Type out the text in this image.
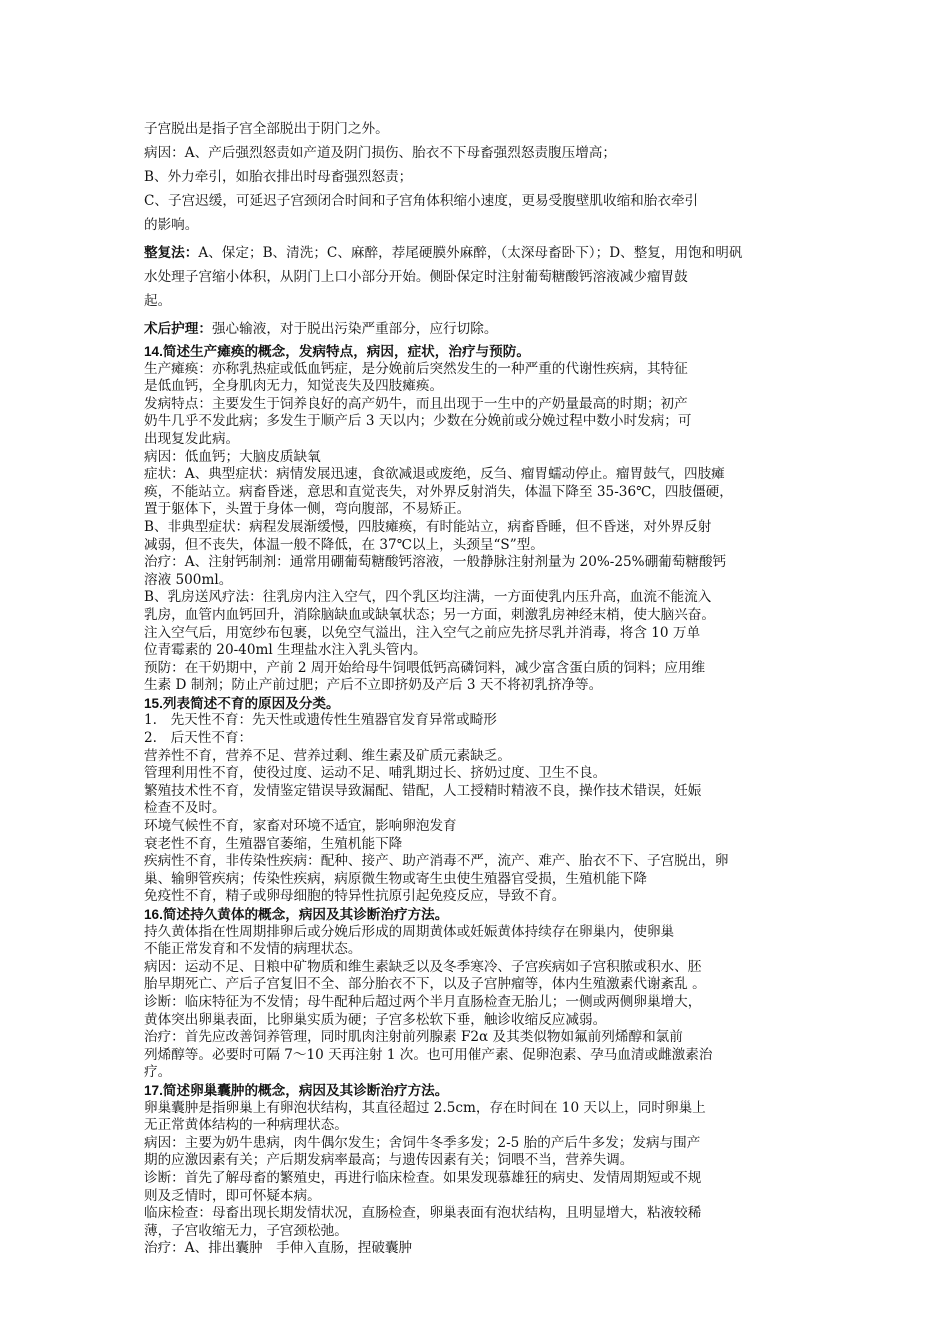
子宫脱出是指子宫全部脱出于阴门之外。

病因：A、产后强烈怒责如产道及阴门损伤、胎衣不下母畜强烈怒责腹压增高；

B、外力牵引，如胎衣排出时母畜强烈怒责；

C、子宫迟缓，可延迟子宫颈闭合时间和子宫角体积缩小速度，更易受腹壁肌收缩和胎衣牵引

的影响。

整复法：A、保定；B、清洗；C、麻醉，荐尾硬膜外麻醉，（太深母畜卧下）；D、整复，用饱和明矾

水处理子宫缩小体积，从阴门上口小部分开始。侧卧保定时注射葡萄糖酸钙溶液减少瘤胃鼓

起。

术后护理：强心输液，对于脱出污染严重部分，应行切除。

14.简述生产瘫痪的概念，发病特点，病因，症状，治疗与预防。

生产瘫痪：亦称乳热症或低血钙症，是分娩前后突然发生的一种严重的代谢性疾病，其特征

是低血钙，全身肌肉无力，知觉丧失及四肢瘫痪。

发病特点：主要发生于饲养良好的高产奶牛，而且出现于一生中的产奶量最高的时期；初产

奶牛几乎不发此病；多发生于顺产后 3 天以内；少数在分娩前或分娩过程中数小时发病；可

出现复发此病。

病因：低血钙；大脑皮质缺氧

症状：A、典型症状：病情发展迅速，食欲减退或废绝，反刍、瘤胃蠕动停止。瘤胃鼓气，四肢瘫

痪，不能站立。病畜昏迷，意思和直觉丧失，对外界反射消失，体温下降至 35-36℃，四肢僵硬，

置于躯体下，头置于身体一侧，弯向腹部，不易矫正。

B、非典型症状：病程发展渐缓慢，四肢瘫痪，有时能站立，病畜昏睡，但不昏迷，对外界反射

减弱，但不丧失，体温一般不降低，在 37℃以上，头颈呈“S”型。

治疗：A、注射钙制剂：通常用硼葡萄糖酸钙溶液，一般静脉注射剂量为 20%-25%硼葡萄糖酸钙

溶液 500ml。

B、乳房送风疗法：往乳房内注入空气，四个乳区均注满，一方面使乳内压升高，血流不能流入

乳房，血管内血钙回升，消除脑缺血或缺氧状态；另一方面，刺激乳房神经末梢，使大脑兴奋。

注入空气后，用宽纱布包裹，以免空气溢出，注入空气之前应先挤尽乳并消毒，将含 10 万单

位青霉素的 20-40ml 生理盐水注入乳头管内。

预防：在干奶期中，产前 2 周开始给母牛饲喂低钙高磷饲料，减少富含蛋白质的饲料；应用维

生素 D 制剂；防止产前过肥；产后不立即挤奶及产后 3 天不将初乳挤净等。

15.列表简述不育的原因及分类。

1.　先天性不育：先天性或遗传性生殖器官发育异常或畸形

2.　后天性不育：

营养性不育，营养不足、营养过剩、维生素及矿质元素缺乏。

管理利用性不育，使役过度、运动不足、哺乳期过长、挤奶过度、卫生不良。

繁殖技术性不育，发情鉴定错误导致漏配、错配，人工授精时精液不良，操作技术错误，妊娠

检查不及时。

环境气候性不育，家畜对环境不适宜，影响卵泡发育

衰老性不育，生殖器官萎缩，生殖机能下降

疾病性不育，非传染性疾病：配种、接产、助产消毒不严，流产、难产、胎衣不下、子宫脱出，卵

巢、输卵管疾病；传染性疾病，病原微生物或寄生虫使生殖器官受损，生殖机能下降

免疫性不育，精子或卵母细胞的特异性抗原引起免疫反应，导致不育。

16.简述持久黄体的概念，病因及其诊断治疗方法。

持久黄体指在性周期排卵后或分娩后形成的周期黄体或妊娠黄体持续存在卵巢内，使卵巢

不能正常发育和不发情的病理状态。

病因：运动不足、日粮中矿物质和维生素缺乏以及冬季寒冷、子宫疾病如子宫积脓或积水、胚

胎早期死亡、产后子宫复旧不全、部分胎衣不下，以及子宫肿瘤等，体内生殖激素代谢紊乱 。

诊断：临床特征为不发情；母牛配种后超过两个半月直肠检查无胎儿；一侧或两侧卵巢增大，

黄体突出卵巢表面，比卵巢实质为硬；子宫多松软下垂，触诊收缩反应减弱。

治疗：首先应改善饲养管理，同时肌肉注射前列腺素 F2α 及其类似物如氟前列烯醇和氯前

列烯醇等。必要时可隔 7～10 天再注射 1 次。也可用催产素、促卵泡素、孕马血清或雌激素治

疗。

17.简述卵巢囊肿的概念，病因及其诊断治疗方法。

卵巢囊肿是指卵巢上有卵泡状结构，其直径超过 2.5cm，存在时间在 10 天以上，同时卵巢上

无正常黄体结构的一种病理状态。

病因：主要为奶牛患病，肉牛偶尔发生；舍饲牛冬季多发；2-5 胎的产后牛多发；发病与围产

期的应激因素有关；产后期发病率最高；与遗传因素有关；饲喂不当，营养失调。

诊断：首先了解母畜的繁殖史，再进行临床检查。如果发现慕雄狂的病史、发情周期短或不规

则及乏情时，即可怀疑本病。

临床检查：母畜出现长期发情状况，直肠检查，卵巢表面有泡状结构，且明显增大，粘液较稀

薄，子宫收缩无力，子宫颈松弛。

治疗：A、排出囊肿　手伸入直肠，捏破囊肿
